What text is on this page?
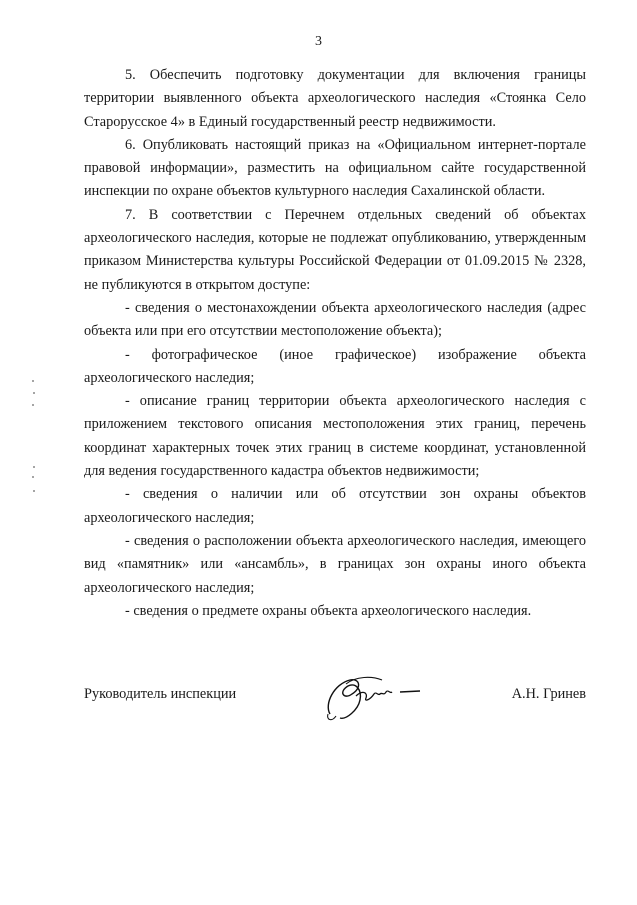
3

5. Обеспечить подготовку документации для включения границы территории выявленного объекта археологического наследия «Стоянка Село Старорусское 4» в Единый государственный реестр недвижимости.

6. Опубликовать настоящий приказ на «Официальном интернет-портале правовой информации», разместить на официальном сайте государственной инспекции по охране объектов культурного наследия Сахалинской области.

7. В соответствии с Перечнем отдельных сведений об объектах археологического наследия, которые не подлежат опубликованию, утвержденным приказом Министерства культуры Российской Федерации от 01.09.2015 № 2328, не публикуются в открытом доступе:

- сведения о местонахождении объекта археологического наследия (адрес объекта или при его отсутствии местоположение объекта);

- фотографическое (иное графическое) изображение объекта археологического наследия;

- описание границ территории объекта археологического наследия с приложением текстового описания местоположения этих границ, перечень координат характерных точек этих границ в системе координат, установленной для ведения государственного кадастра объектов недвижимости;

- сведения о наличии или об отсутствии зон охраны объектов археологического наследия;

- сведения о расположении объекта археологического наследия, имеющего вид «памятник» или «ансамбль», в границах зон охраны иного объекта археологического наследия;

- сведения о предмете охраны объекта археологического наследия.

Руководитель инспекции	А.Н. Гринев
